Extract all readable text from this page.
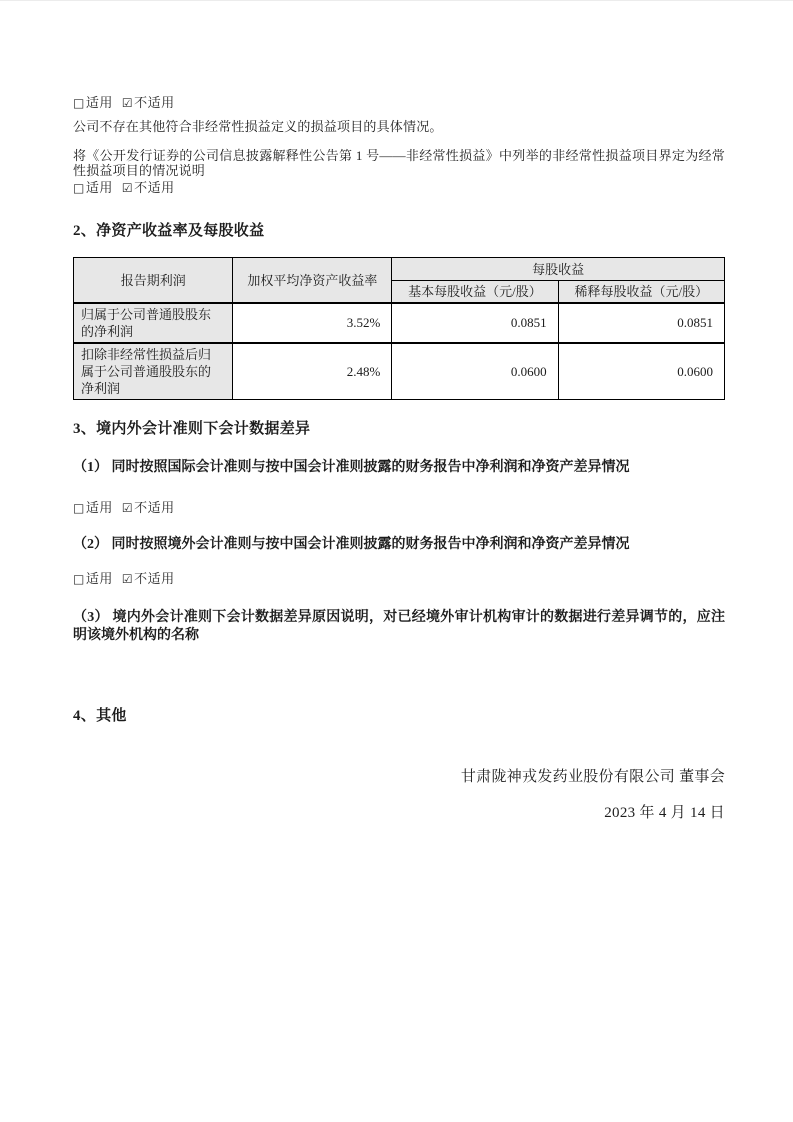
□适用 ☑不适用

公司不存在其他符合非经常性损益定义的损益项目的具体情况。

将《公开发行证券的公司信息披露解释性公告第 1 号——非经常性损益》中列举的非经常性损益项目界定为经常性损益项目的情况说明

□适用 ☑不适用

2、净资产收益率及每股收益

报告期利润	加权平均净资产收益率	每股收益	
		基本每股收益（元/股）	稀释每股收益（元/股）
归属于公司普通股股东的净利润	3.52%	0.0851	0.0851
扣除非经常性损益后归属于公司普通股股东的净利润	2.48%	0.0600	0.0600

3、境内外会计准则下会计数据差异

（1） 同时按照国际会计准则与按中国会计准则披露的财务报告中净利润和净资产差异情况

□适用 ☑不适用

（2） 同时按照境外会计准则与按中国会计准则披露的财务报告中净利润和净资产差异情况

□适用 ☑不适用

（3） 境内外会计准则下会计数据差异原因说明，对已经境外审计机构审计的数据进行差异调节的，应注明该境外机构的名称

4、其他

甘肃陇神戎发药业股份有限公司 董事会

2023 年 4 月 14 日
